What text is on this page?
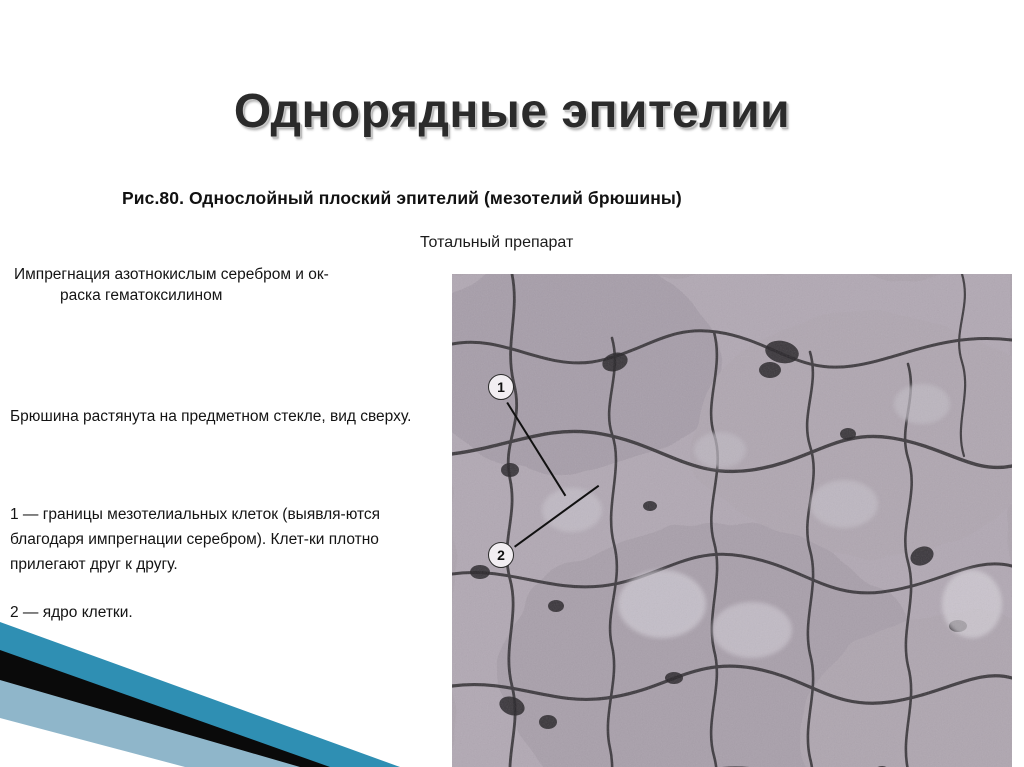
Однорядные эпителии
Рис.80. Однослойный плоский эпителий (мезотелий брюшины)
Тотальный препарат
Импрегнация азотнокислым серебром и ок-
раска гематоксилином
Брюшина растянута на предметном стекле, вид сверху.
1 — границы мезотелиальных клеток (выявля-ются благодаря импрегнации серебром). Клет-ки плотно прилегают друг к другу.
2 — ядро клетки.
1
2
